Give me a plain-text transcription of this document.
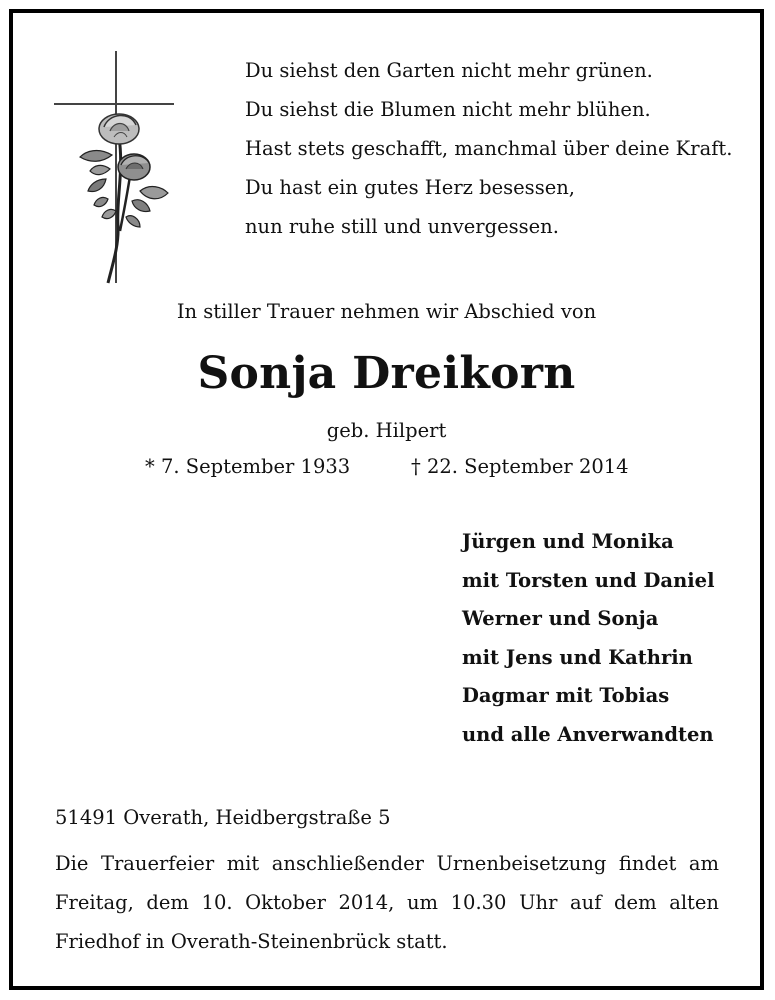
Du siehst den Garten nicht mehr grünen.
Du siehst die Blumen nicht mehr blühen.
Hast stets geschafft, manchmal über deine Kraft.
Du hast ein gutes Herz besessen,
nun ruhe still und unvergessen.
In stiller Trauer nehmen wir Abschied von
Sonja Dreikorn
geb. Hilpert
* 7. September 1933	† 22. September 2014
Jürgen und Monika
mit Torsten und Daniel
Werner und Sonja
mit Jens und Kathrin
Dagmar mit Tobias
und alle Anverwandten
51491 Overath, Heidbergstraße 5
Die Trauerfeier mit anschließender Urnenbeisetzung findet am
Freitag, dem 10. Oktober 2014, um 10.30 Uhr auf dem alten
Friedhof in Overath-Steinenbrück statt.
